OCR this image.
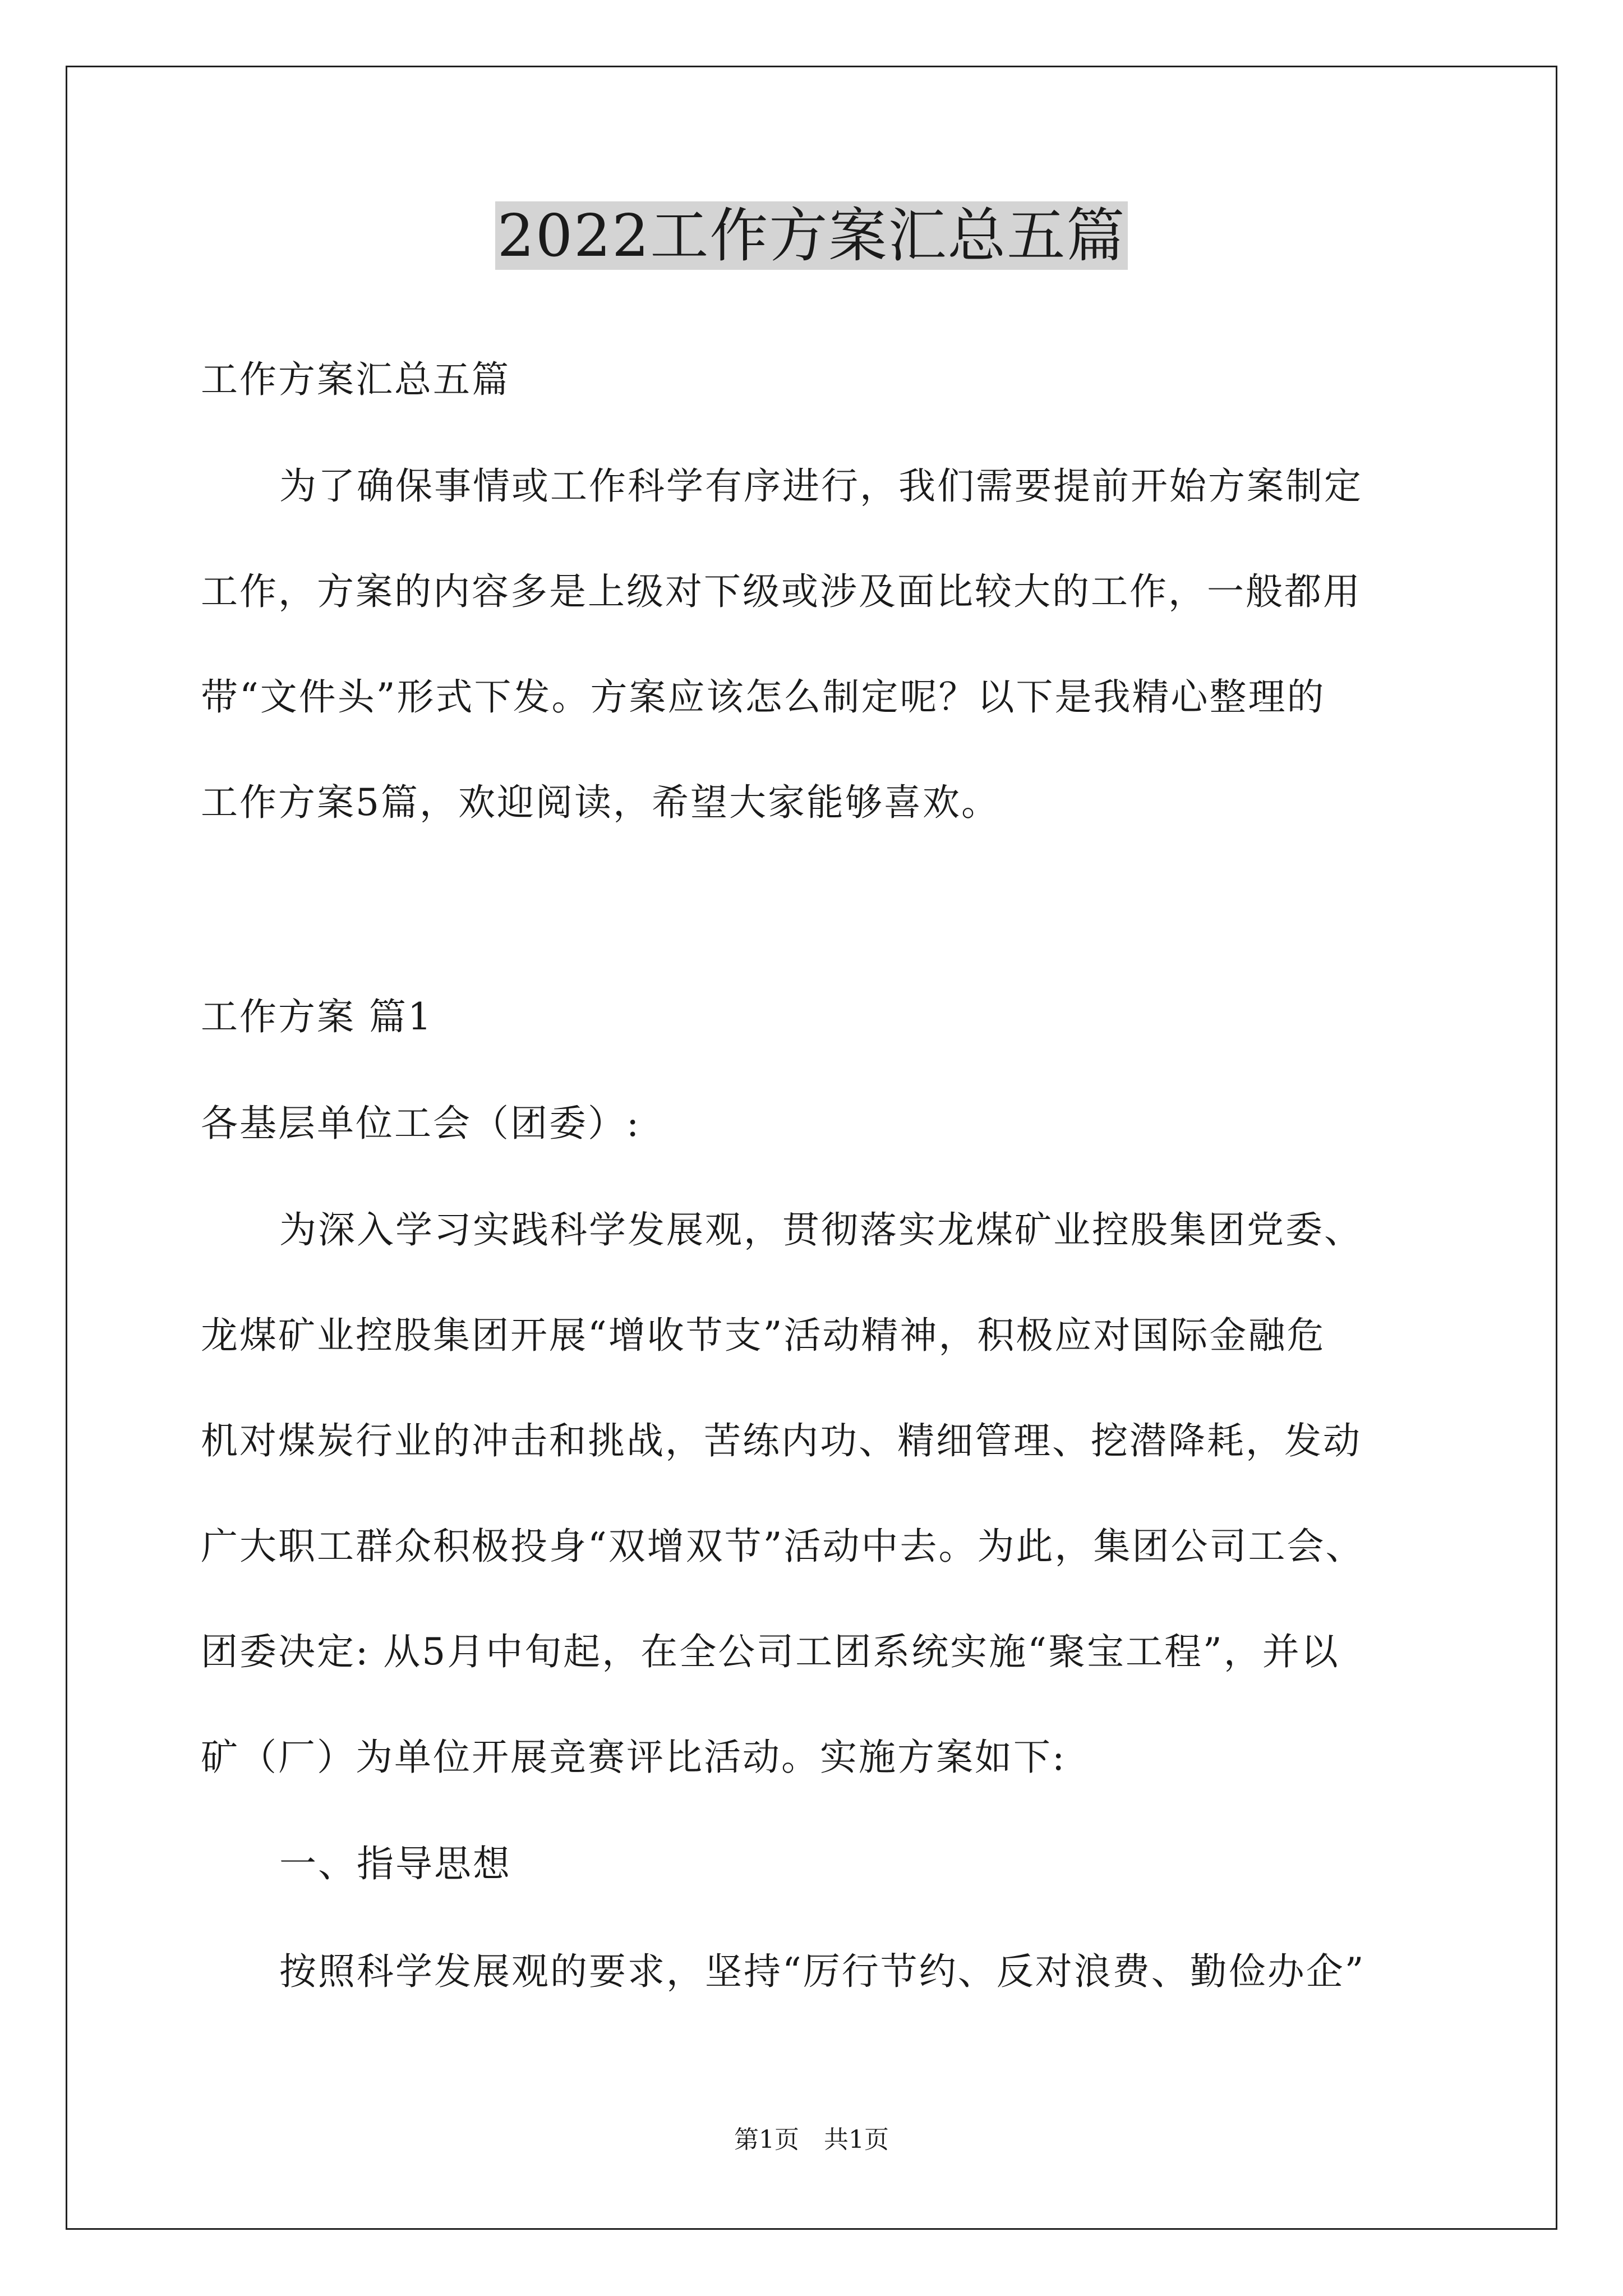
2022工作方案汇总五篇
工作方案汇总五篇
为了确保事情或工作科学有序进行，我们需要提前开始方案制定
工作，方案的内容多是上级对下级或涉及面比较大的工作，一般都用
带“文件头”形式下发。方案应该怎么制定呢？以下是我精心整理的
工作方案5篇，欢迎阅读，希望大家能够喜欢。
工作方案 篇1
各基层单位工会（团委）:
为深入学习实践科学发展观，贯彻落实龙煤矿业控股集团党委、
龙煤矿业控股集团开展“增收节支”活动精神，积极应对国际金融危
机对煤炭行业的冲击和挑战，苦练内功、精细管理、挖潜降耗，发动
广大职工群众积极投身“双增双节”活动中去。为此，集团公司工会、
团委决定: 从5月中旬起，在全公司工团系统实施“聚宝工程”，并以
矿（厂）为单位开展竞赛评比活动。实施方案如下:
一、指导思想
按照科学发展观的要求，坚持“厉行节约、反对浪费、勤俭办企”
第1页　共1页
